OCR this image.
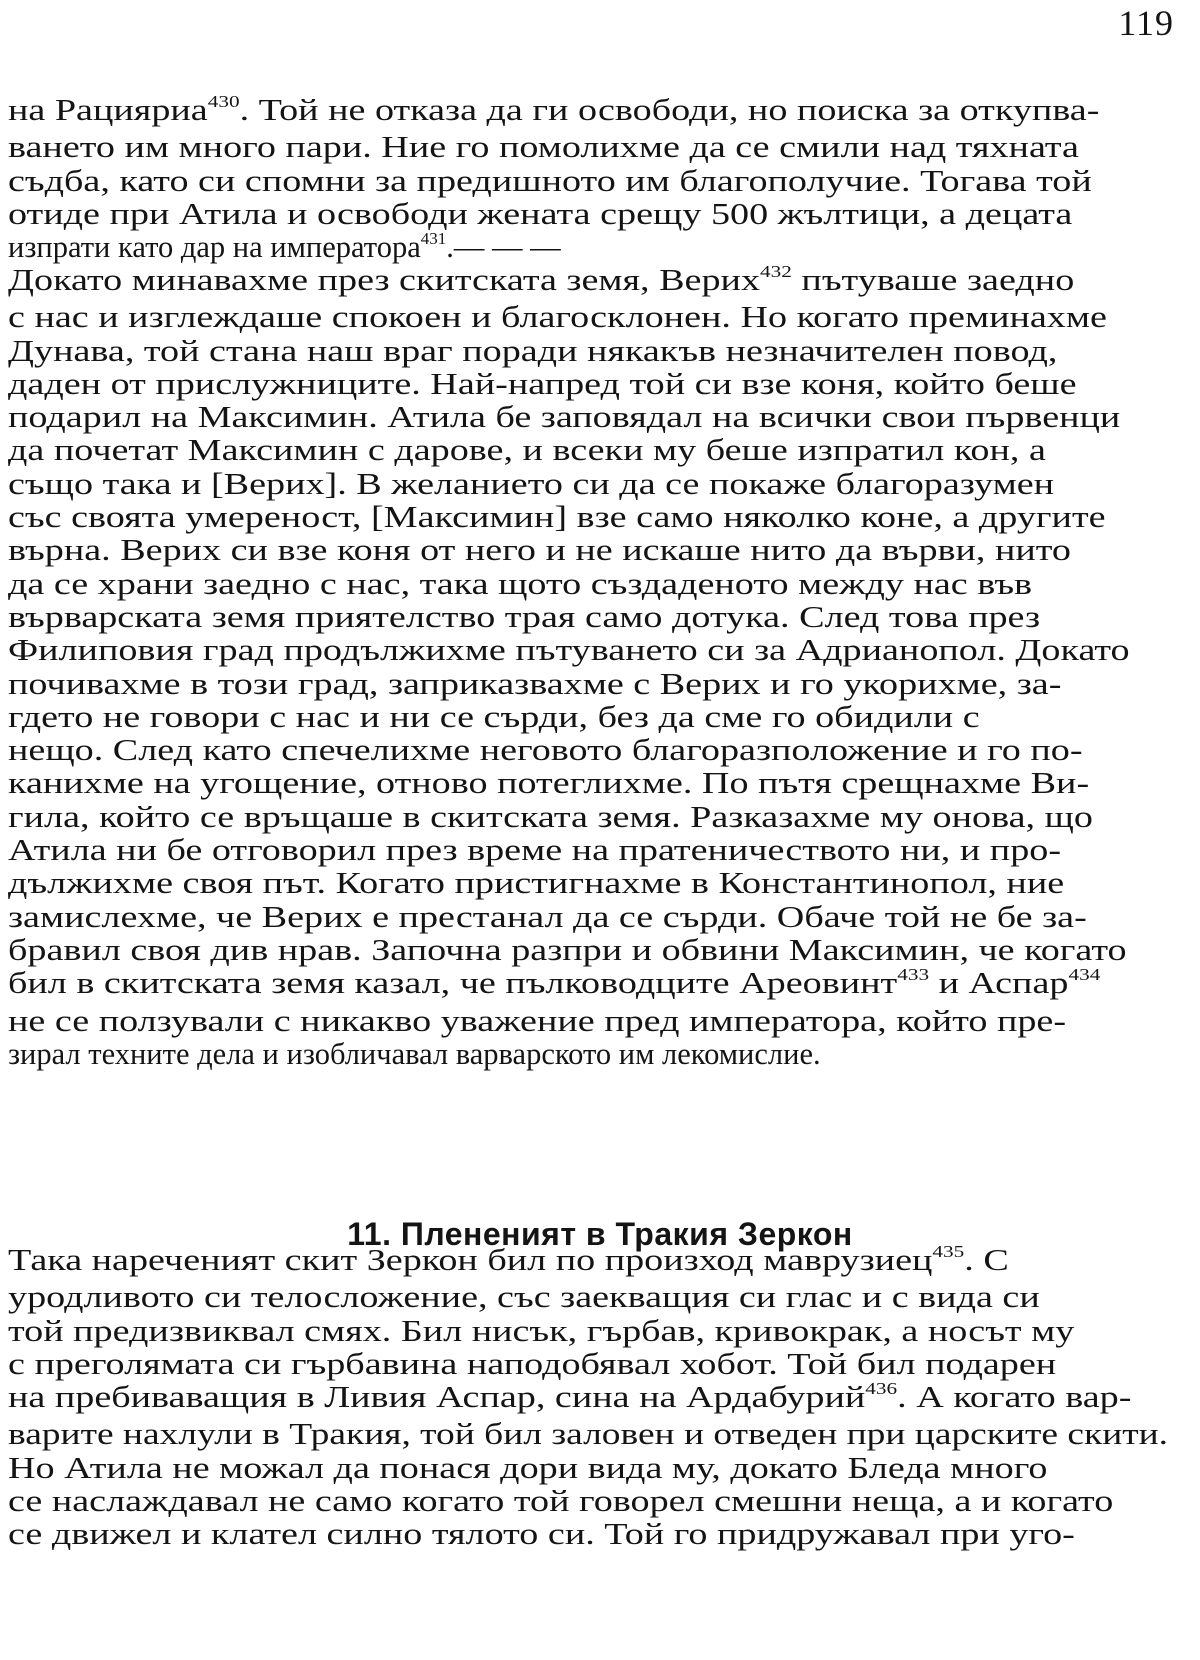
119
на Рацияриа$^{430}$. Той не отказа да ги освободи, но поиска за откупва-
ването им много пари. Ние го помолихме да се смили над тяхната
съдба, като си спомни за предишното им благополучие. Тогава той
отиде при Атила и освободи жената срещу 500 жълтици, а децата
изпрати като дар на императора$^{431}$.— — —
Докато минавахме през скитската земя, Верих$^{432}$ пътуваше заедно
с нас и изглеждаше спокоен и благосклонен. Но когато преминахме
Дунава, той стана наш враг поради някакъв незначителен повод,
даден от прислужниците. Най-напред той си взе коня, който беше
подарил на Максимин. Атила бе заповядал на всички свои първенци
да почетат Максимин с дарове, и всеки му беше изпратил кон, а
също така и [Верих]. В желанието си да се покаже благоразумен
със своята умереност, [Максимин] взе само няколко коне, а другите
върна. Верих си взе коня от него и не искаше нито да върви, нито
да се храни заедно с нас, така щото създаденото между нас във
върварската земя приятелство трая само дотука. След това през
Филиповия град продължихме пътуването си за Адрианопол. Докато
почивахме в този град, заприказвахме с Верих и го укорихме, за-
гдето не говори с нас и ни се сърди, без да сме го обидили с
нещо. След като спечелихме неговото благоразположение и го по-
канихме на угощение, отново потеглихме. По пътя срещнахме Ви-
гила, който се връщаше в скитската земя. Разказахме му онова, що
Атила ни бе отговорил през време на пратеничеството ни, и про-
дължихме своя път. Когато пристигнахме в Константинопол, ние
замислехме, че Верих е престанал да се сърди. Обаче той не бе за-
бравил своя див нрав. Започна разпри и обвини Максимин, че когато
бил в скитската земя казал, че пълководците Ареовинт$^{433}$ и Аспар$^{434}$
не се ползували с никакво уважение пред императора, който пре-
зирал техните дела и изобличавал варварското им лекомислие.
11. Плененият в Тракия Зеркон
Така нареченият скит Зеркон бил по произход маврузиец$^{435}$. С
уродливото си телосложение, със заекващия си глас и с вида си
той предизвиквал смях. Бил нисък, гърбав, кривокрак, а носът му
с преголямата си гърбавина наподобявал хобот. Той бил подарен
на пребиваващия в Ливия Аспар, сина на Ардабурий$^{436}$. А когато вар-
варите нахлули в Тракия, той бил заловен и отведен при царските скити.
Но Атила не можал да понася дори вида му, докато Бледа много
се наслаждавал не само когато той говорел смешни неща, а и когато
се движел и клател силно тялото си. Той го придружавал при уго-
